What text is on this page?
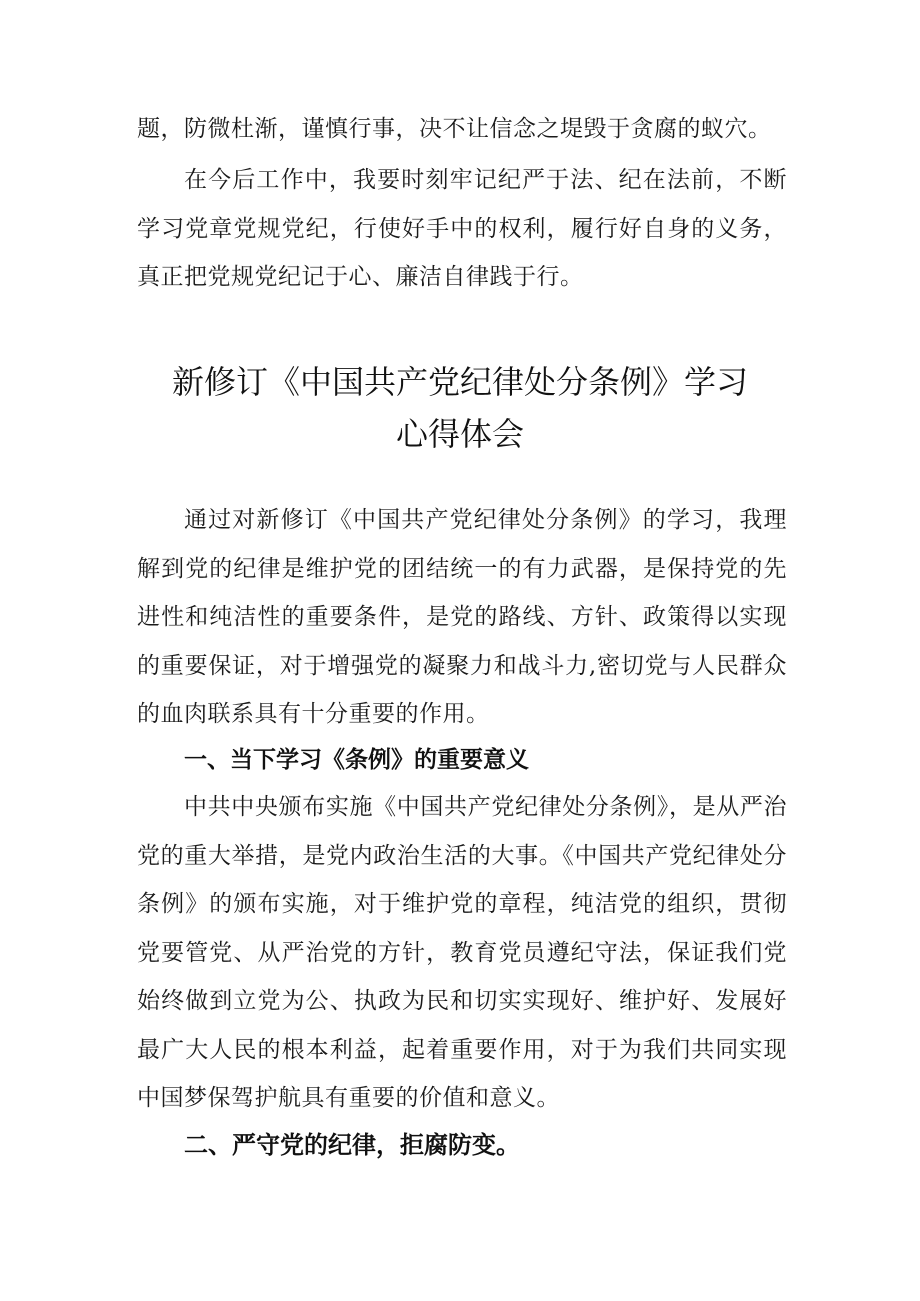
题，防微杜渐，谨慎行事，决不让信念之堤毁于贪腐的蚁穴。

在今后工作中，我要时刻牢记纪严于法、纪在法前，不断学习党章党规党纪，行使好手中的权利，履行好自身的义务，真正把党规党纪记于心、廉洁自律践于行。

新修订《中国共产党纪律处分条例》学习
心得体会

通过对新修订《中国共产党纪律处分条例》的学习，我理解到党的纪律是维护党的团结统一的有力武器，是保持党的先进性和纯洁性的重要条件，是党的路线、方针、政策得以实现的重要保证，对于增强党的凝聚力和战斗力,密切党与人民群众的血肉联系具有十分重要的作用。

一、当下学习《条例》的重要意义

中共中央颁布实施《中国共产党纪律处分条例》，是从严治党的重大举措，是党内政治生活的大事。《中国共产党纪律处分条例》的颁布实施，对于维护党的章程，纯洁党的组织，贯彻党要管党、从严治党的方针，教育党员遵纪守法，保证我们党始终做到立党为公、执政为民和切实实现好、维护好、发展好最广大人民的根本利益，起着重要作用，对于为我们共同实现中国梦保驾护航具有重要的价值和意义。

二、严守党的纪律，拒腐防变。
